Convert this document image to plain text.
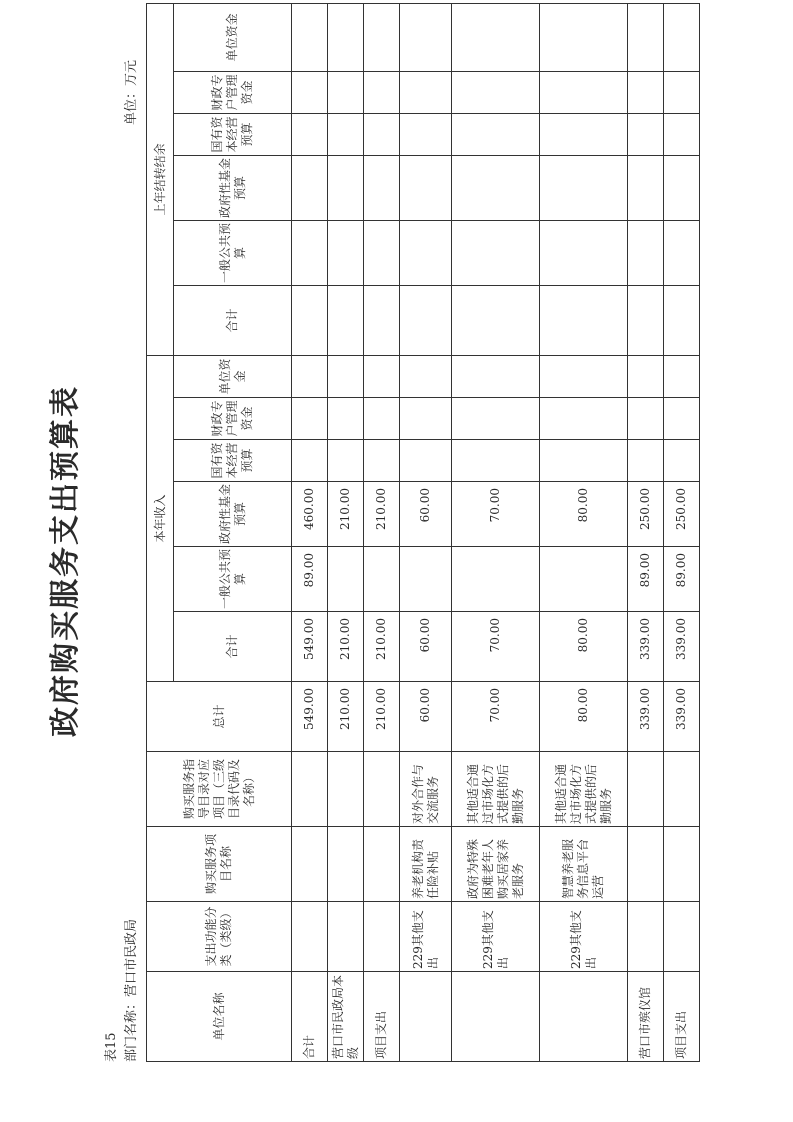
政府购买服务支出预算表
表15 部门名称：营口市民政局
单位：万元
单位名称	支出功能分类（类级）	购买服务项目名称	购买服务指导目录对应项目（三级目录代码及名称）	总计	本年收入						上年结转结余					
					合计	一般公共预算	政府性基金预算	国有资本经营预算	财政专户管理资金	单位资金	合计	一般公共预算	政府性基金预算	国有资本经营预算	财政专户管理资金	单位资金
合计				549.00	549.00	89.00	460.00									
营口市民政局本级				210.00	210.00		210.00									
项目支出				210.00	210.00		210.00									
	229其他支出	养老机构责任险补贴	对外合作与交流服务	60.00	60.00		60.00									
	229其他支出	政府为特殊困难老年人购买居家养老服务	其他适合通过市场化方式提供的后勤服务	70.00	70.00		70.00									
	229其他支出	智慧养老服务信息平台运营	其他适合通过市场化方式提供的后勤服务	80.00	80.00		80.00									
营口市殡仪馆				339.00	339.00	89.00	250.00									
项目支出				339.00	339.00	89.00	250.00									
